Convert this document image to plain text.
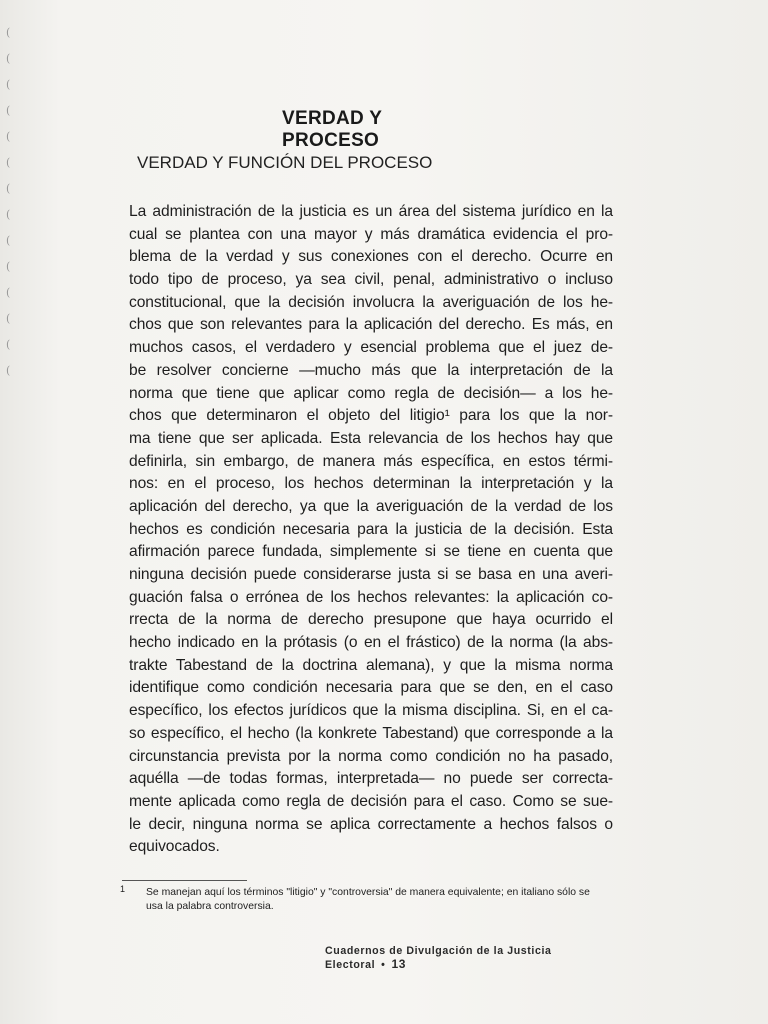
(
(
(
(
(
(
(
(
(
(
(
(
(
(
VERDAD Y PROCESO
VERDAD Y FUNCIÓN DEL PROCESO
La administración de la justicia es un área del sistema jurídico en la
cual se plantea con una mayor y más dramática evidencia el pro-
blema de la verdad y sus conexiones con el derecho. Ocurre en
todo tipo de proceso, ya sea civil, penal, administrativo o incluso
constitucional, que la decisión involucra la averiguación de los he-
chos que son relevantes para la aplicación del derecho. Es más, en
muchos casos, el verdadero y esencial problema que el juez de-
be resolver concierne —mucho más que la interpretación de la
norma que tiene que aplicar como regla de decisión— a los he-
chos que determinaron el objeto del litigio¹ para los que la nor-
ma tiene que ser aplicada. Esta relevancia de los hechos hay que
definirla, sin embargo, de manera más específica, en estos térmi-
nos: en el proceso, los hechos determinan la interpretación y la
aplicación del derecho, ya que la averiguación de la verdad de los
hechos es condición necesaria para la justicia de la decisión. Esta
afirmación parece fundada, simplemente si se tiene en cuenta que
ninguna decisión puede considerarse justa si se basa en una averi-
guación falsa o errónea de los hechos relevantes: la aplicación co-
rrecta de la norma de derecho presupone que haya ocurrido el
hecho indicado en la prótasis (o en el frástico) de la norma (la abs-
trakte Tabestand de la doctrina alemana), y que la misma norma
identifique como condición necesaria para que se den, en el caso
específico, los efectos jurídicos que la misma disciplina. Si, en el ca-
so específico, el hecho (la konkrete Tabestand) que corresponde a la
circunstancia prevista por la norma como condición no ha pasado,
aquélla —de todas formas, interpretada— no puede ser correcta-
mente aplicada como regla de decisión para el caso. Como se sue-
le decir, ninguna norma se aplica correctamente a hechos falsos o
equivocados.
1 Se manejan aquí los términos "litigio" y "controversia" de manera equivalente; en italiano sólo se usa la palabra controversia.
Cuadernos de Divulgación de la Justicia Electoral • 13
